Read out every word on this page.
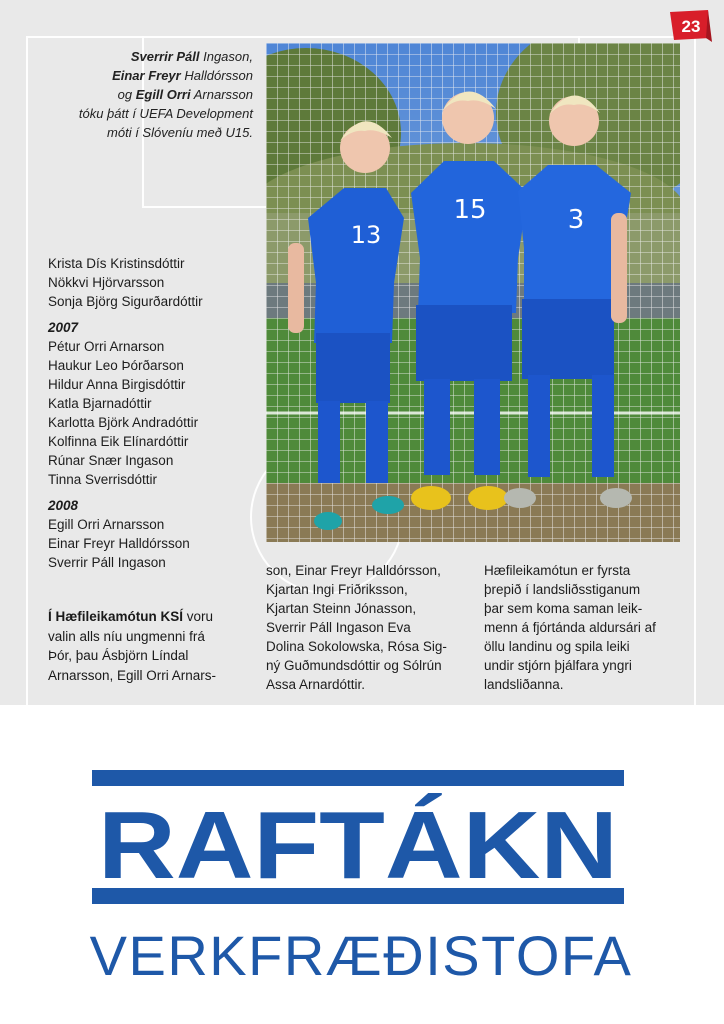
Sverrir Páll Ingason,
Einar Freyr Halldórsson
og Egill Orri Arnarsson
tóku þátt í UEFA Development
móti í Slóveníu með U15.
13
15	3
Krista Dís Kristinsdóttir
Nökkvi Hjörvarsson
Sonja Björg Sigurðardóttir
2007
Pétur Orri Arnarson
Haukur Leo Þórðarson
Hildur Anna Birgisdóttir
Katla Bjarnadóttir
Karlotta Björk Andradóttir
Kolfinna Eik Elínardóttir
Rúnar Snær Ingason
Tinna Sverrisdóttir
2008
Egill Orri Arnarsson
Einar Freyr Halldórsson
Sverrir Páll Ingason
Í Hæfileikamótun KSÍ voru
valin alls níu ungmenni frá
Þór, þau Ásbjörn Líndal
Arnarsson, Egill Orri Arnars-
son, Einar Freyr Halldórsson,
Kjartan Ingi Friðriksson,
Kjartan Steinn Jónasson,
Sverrir Páll Ingason Eva
Dolina Sokolowska, Rósa Sig-
ný Guðmundsdóttir og Sólrún
Assa Arnardóttir.
Hæfileikamótun er fyrsta
þrepið í landsliðsstiganum
þar sem koma saman leik-
menn á fjórtánda aldursári af
öllu landinu og spila leiki
undir stjórn þjálfara yngri
landsliðanna.
23
RAFTÁKN
VERKFRÆÐISTOFA
